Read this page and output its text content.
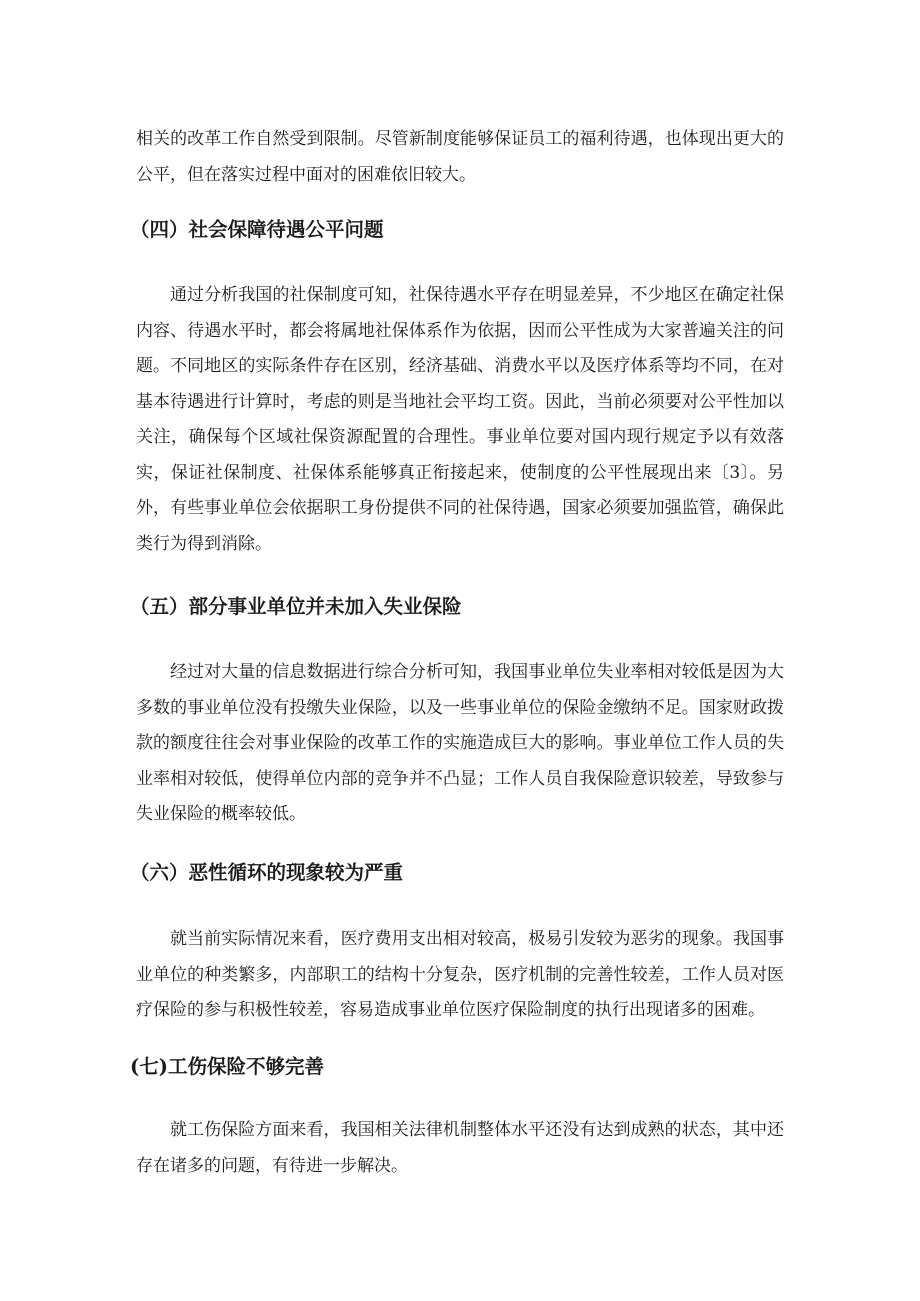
相关的改革工作自然受到限制。尽管新制度能够保证员工的福利待遇，也体现出更大的公平，但在落实过程中面对的困难依旧较大。

（四）社会保障待遇公平问题

通过分析我国的社保制度可知，社保待遇水平存在明显差异，不少地区在确定社保内容、待遇水平时，都会将属地社保体系作为依据，因而公平性成为大家普遍关注的问题。不同地区的实际条件存在区别，经济基础、消费水平以及医疗体系等均不同，在对基本待遇进行计算时，考虑的则是当地社会平均工资。因此，当前必须要对公平性加以关注，确保每个区域社保资源配置的合理性。事业单位要对国内现行规定予以有效落实，保证社保制度、社保体系能够真正衔接起来，使制度的公平性展现出来〔3〕。另外，有些事业单位会依据职工身份提供不同的社保待遇，国家必须要加强监管，确保此类行为得到消除。

（五）部分事业单位并未加入失业保险

经过对大量的信息数据进行综合分析可知，我国事业单位失业率相对较低是因为大多数的事业单位没有投缴失业保险，以及一些事业单位的保险金缴纳不足。国家财政拨款的额度往往会对事业保险的改革工作的实施造成巨大的影响。事业单位工作人员的失业率相对较低，使得单位内部的竞争并不凸显；工作人员自我保险意识较差，导致参与失业保险的概率较低。

（六）恶性循环的现象较为严重

就当前实际情况来看，医疗费用支出相对较高，极易引发较为恶劣的现象。我国事业单位的种类繁多，内部职工的结构十分复杂，医疗机制的完善性较差，工作人员对医疗保险的参与积极性较差，容易造成事业单位医疗保险制度的执行出现诸多的困难。

(七)工伤保险不够完善

就工伤保险方面来看，我国相关法律机制整体水平还没有达到成熟的状态，其中还存在诸多的问题，有待进一步解决。
